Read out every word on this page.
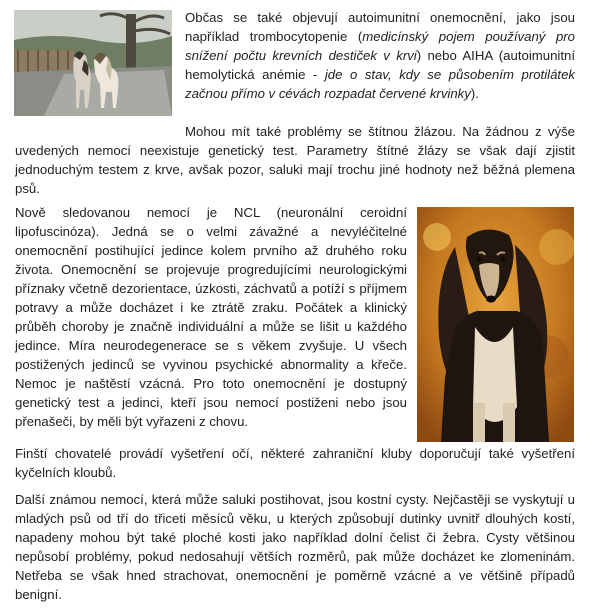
Občas se také objevují autoimunitní onemocnění, jako jsou například trombocytopenie (medicínský pojem používaný pro snížení počtu krevních destiček v krvi) nebo AIHA (autoimunitní hemolytická anémie - jde o stav, kdy se působením protilátek začnou přímo v cévách rozpadat červené krvinky).

Mohou mít také problémy se štítnou žlázou. Na žádnou z výše uvedených nemocí neexistuje genetický test. Parametry štítné žlázy se však dají zjistit jednoduchým testem z krve, avšak pozor, saluki mají trochu jiné hodnoty než běžná plemena psů.

Nově sledovanou nemocí je NCL (neuronální ceroidní lipofuscinóza). Jedná se o velmi závažné a nevyléčitelné onemocnění postihující jedince kolem prvního až druhého roku života. Onemocnění se projevuje progredujícími neurologickými příznaky včetně dezorientace, úzkosti, záchvatů a potíží s příjmem potravy a může docházet i ke ztrátě zraku. Počátek a klinický průběh choroby je značně individuální a může se lišit u každého jedince. Míra neurodegenerace se s věkem zvyšuje. U všech postižených jedinců se vyvinou psychické abnormality a křeče. Nemoc je naštěstí vzácná. Pro toto onemocnění je dostupný genetický test a jedinci, kteří jsou nemocí postiženi nebo jsou přenašeči, by měli být vyřazeni z chovu.

Finští chovatelé provádí vyšetření očí, některé zahraniční kluby doporučují také vyšetření kyčelních kloubů.

Další známou nemocí, která může saluki postihovat, jsou kostní cysty. Nejčastěji se vyskytují u mladých psů od tří do třiceti měsíců věku, u kterých způsobují dutinky uvnitř dlouhých kostí, napadeny mohou být také ploché kosti jako například dolní čelist či žebra. Cysty většinou nepůsobí problémy, pokud nedosahují větších rozměrů, pak může docházet ke zlomeninám. Netřeba se však hned strachovat, onemocnění je poměrně vzácné a ve většině případů benigní.
